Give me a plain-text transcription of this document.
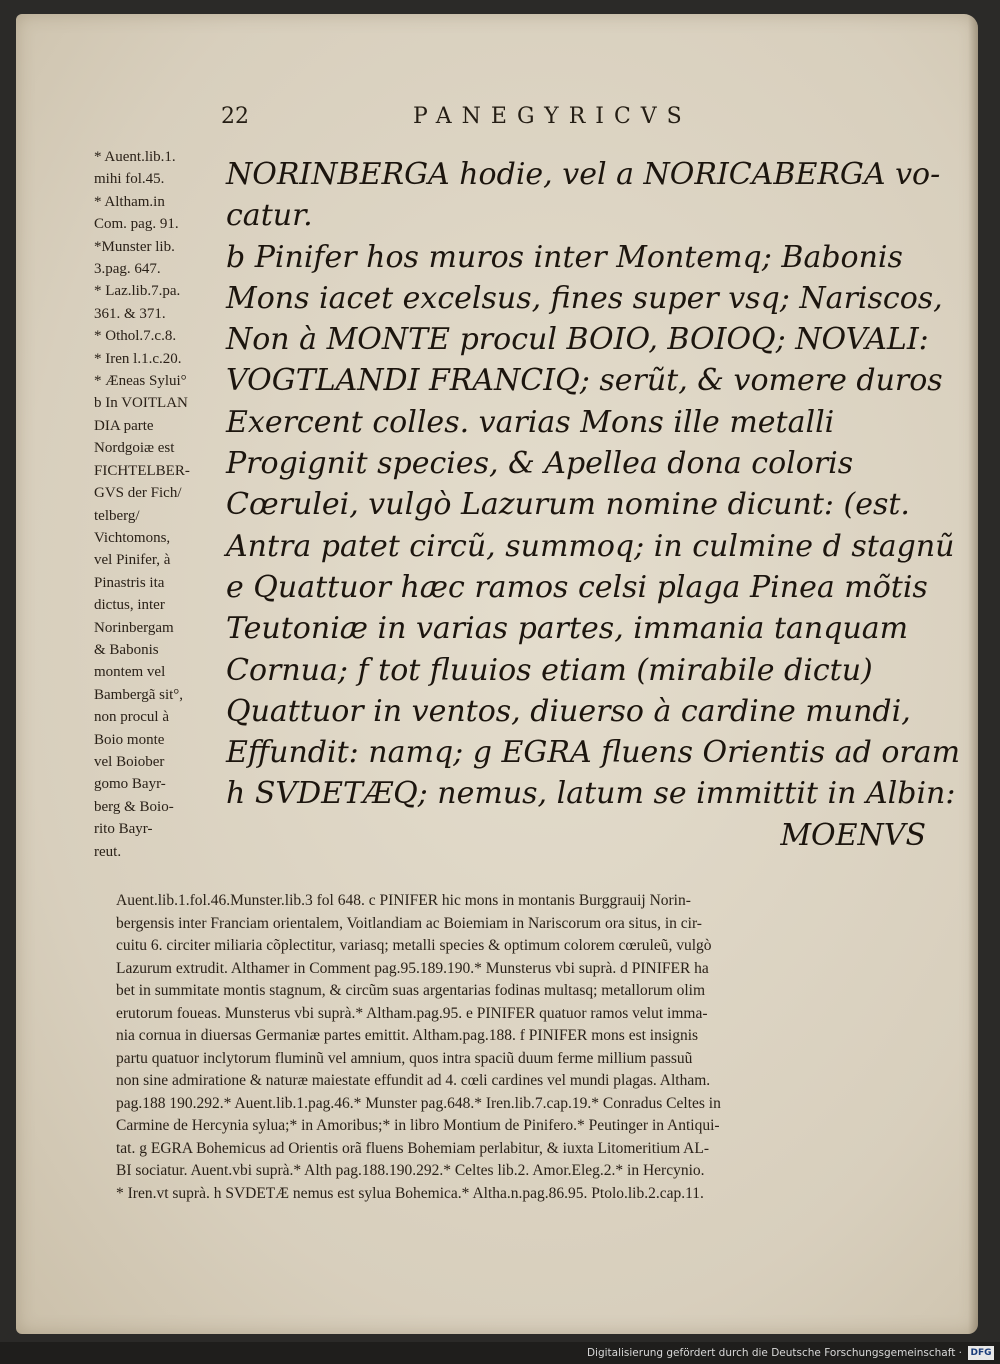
22	PANEGYRICVS
* Auent.lib.1.
mihi fol.45.
* Altham.in
Com. pag. 91.
*Munster lib.
3.pag. 647.
* Laz.lib.7.pa.
361. & 371.
* Othol.7.c.8.
* Iren l.1.c.20.
* Æneas Sylui°
b In VOITLAN
DIA parte
Nordgoiæ est
FICHTELBER-
GVS der Fich/
telberg/
Vichtomons,
vel Pinifer, à
Pinastris ita
dictus, inter
Norinbergam
& Babonis
montem vel
Bambergã sit°,
non procul à
Boio monte
vel Boiober
gomo Bayr-
berg & Boio-
rito Bayr-
reut.
NORINBERGA hodie, vel a NORICABERGA vo-
catur.
b Pinifer hos muros inter Montemq; Babonis
Mons iacet excelsus, fines super vsq; Nariscos,
Non à MONTE procul BOIO, BOIOQ; NOVALI:
VOGTLANDI FRANCIQ; serũt, & vomere duros
Exercent colles. varias Mons ille metalli
Progignit species, & Apellea dona coloris
Cœrulei, vulgò Lazurum nomine dicunt: (est.
Antra patet circũ, summoq; in culmine d stagnũ
e Quattuor hæc ramos celsi plaga Pinea mõtis
Teutoniæ in varias partes, immania tanquam
Cornua; f tot fluuios etiam (mirabile dictu)
Quattuor in ventos, diuerso à cardine mundi,
Effundit: namq; g EGRA fluens Orientis ad oram
h SVDETÆQ; nemus, latum se immittit in Albin:
MOENVS
Auent.lib.1.fol.46.Munster.lib.3 fol 648. c PINIFER hic mons in montanis Burggrauij Norin-
bergensis inter Franciam orientalem, Voitlandiam ac Boiemiam in Nariscorum ora situs, in cir-
cuitu 6. circiter miliaria cõplectitur, variasq; metalli species & optimum colorem cœruleũ, vulgò
Lazurum extrudit. Althamer in Comment pag.95.189.190.* Munsterus vbi suprà. d PINIFER ha
bet in summitate montis stagnum, & circũm suas argentarias fodinas multasq; metallorum olim
erutorum foueas. Munsterus vbi suprà.* Altham.pag.95. e PINIFER quatuor ramos velut imma-
nia cornua in diuersas Germaniæ partes emittit. Altham.pag.188. f PINIFER mons est insignis
partu quatuor inclytorum fluminũ vel amnium, quos intra spaciũ duum ferme millium passuũ
non sine admiratione & naturæ maiestate effundit ad 4. cœli cardines vel mundi plagas. Altham.
pag.188 190.292.* Auent.lib.1.pag.46.* Munster pag.648.* Iren.lib.7.cap.19.* Conradus Celtes in
Carmine de Hercynia sylua;* in Amoribus;* in libro Montium de Pinifero.* Peutinger in Antiqui-
tat. g EGRA Bohemicus ad Orientis orã fluens Bohemiam perlabitur, & iuxta Litomeritium AL-
BI sociatur. Auent.vbi suprà.* Alth pag.188.190.292.* Celtes lib.2. Amor.Eleg.2.* in Hercynio.
* Iren.vt suprà. h SVDETÆ nemus est sylua Bohemica.* Altha.n.pag.86.95. Ptolo.lib.2.cap.11.
Digitalisierung gefördert durch die Deutsche Forschungsgemeinschaft · DFG
